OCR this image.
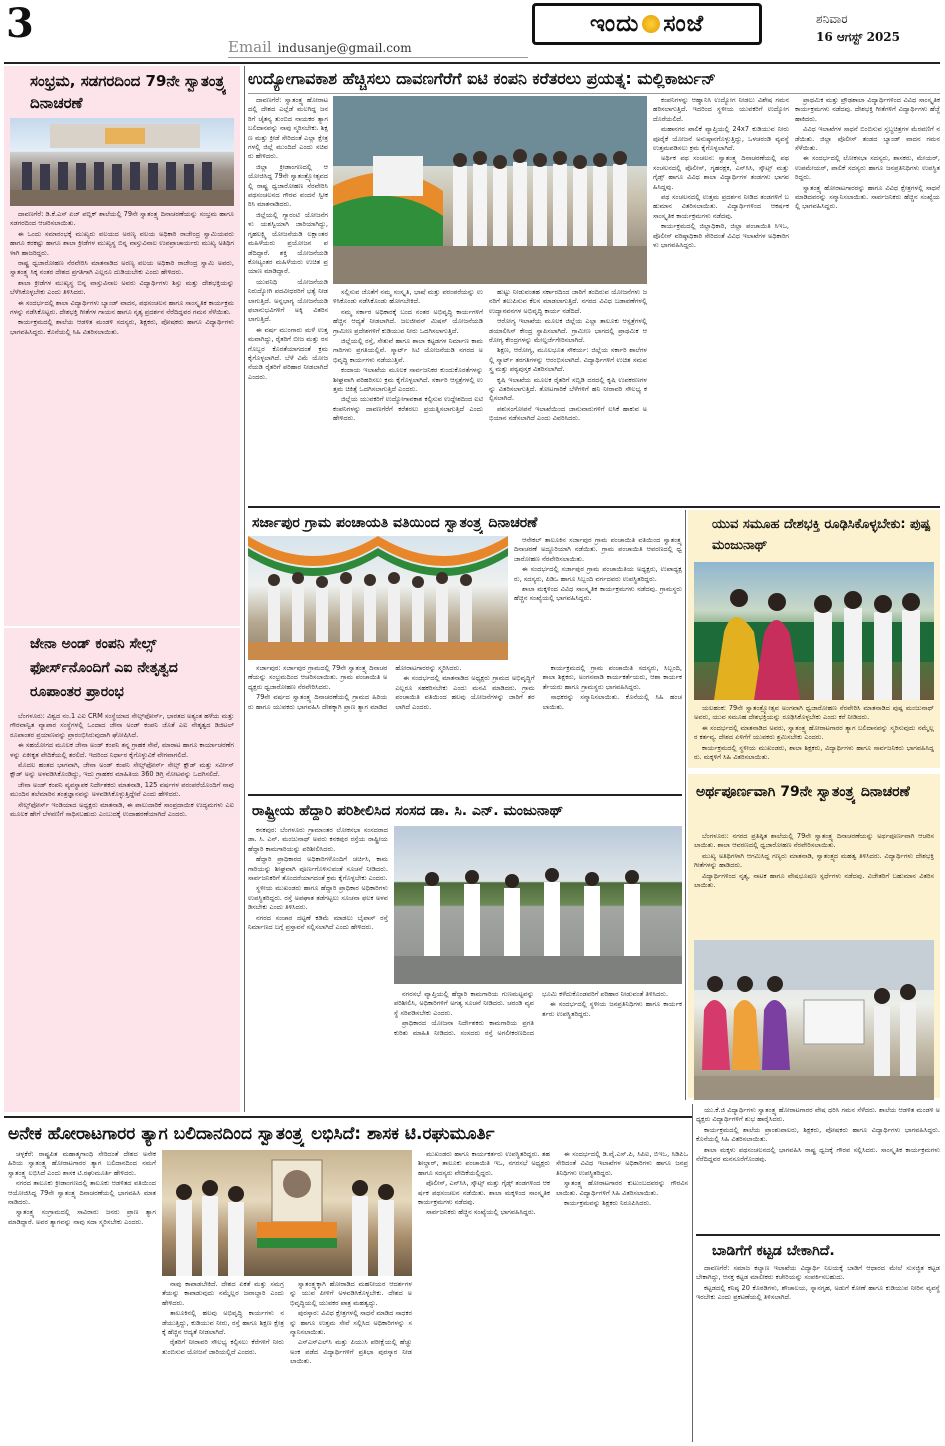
3	Email indusanje@gmail.com
ಇಂದು ಸಂಜೆ	ಶನಿವಾರ
16 ಆಗಸ್ಟ್ 2025
ಸಂಭ್ರಮ, ಸಡಗರದಿಂದ 79ನೇ ಸ್ವಾತಂತ್ರ್ಯ ದಿನಾಚರಣೆ

ದಾವಣಗೆರೆ: ಡಿ.ಕೆ.ಎಸ್ ಏಜ್ ಪಬ್ಲಿಕ್ ಶಾಲೆಯಲ್ಲಿ 79ನೇ ಸ್ವಾತಂತ್ರ್ಯ ದಿನಾಚರಣೆಯನ್ನು ಸಂಭ್ರಮ ಹಾಗೂ ಸಡಗರದಿಂದ ಆಚರಿಸಲಾಯಿತು.

ಈ ಒಂದು ಸಮಾರಂಭಕ್ಕೆ ಮುಖ್ಯರು ವಲಯದ ಅರಣ್ಯ ವಲಯ ಅಧಿಕಾರಿ ರಾಜೇಂದ್ರ ಸ್ವಾಮಿಯವರು ಹಾಗೂ ಕರಕಷ್ಟು ಹಾಗೂ ಶಾಲಾ ಕ್ರೀಡೆಗಳ ಮುಖ್ಯಸ್ಥ ಬಿನ್ನ ವಾಸ್ತುವಿನಾಲ ಉಪಪ್ರಾಚಾರ್ಯರು ಮುಖ್ಯ ಅತಿಥಿಗಳಾಗಿ ಹಾಜರಿದ್ದರು.

ರಾಷ್ಟ್ರ ಧ್ವಜಾರೋಹಣ ನೆರವೇರಿಸಿ ಮಾತನಾಡಿದ ಅರಣ್ಯ ವಲಯ ಅಧಿಕಾರಿ ರಾಜೇಂದ್ರ ಸ್ವಾಮಿ ಅವರು, ಸ್ವಾತಂತ್ರ್ಯ ಸಿಕ್ಕ ನಂತರ ದೇಶದ ಪ್ರಗತಿಗಾಗಿ ಎಲ್ಲರೂ ದುಡಿಯಬೇಕು ಎಂದು ಹೇಳಿದರು.

ಶಾಲಾ ಕ್ರೀಡೆಗಳ ಮುಖ್ಯಸ್ಥ ಬಿನ್ನ ವಾಸ್ತುವಿನಾಲ ಅವರು ವಿದ್ಯಾರ್ಥಿಗಳು ಶಿಸ್ತು ಮತ್ತು ದೇಶಭಕ್ತಿಯನ್ನು ಬೆಳೆಸಿಕೊಳ್ಳಬೇಕು ಎಂದು ತಿಳಿಸಿದರು.

ಈ ಸಂದರ್ಭದಲ್ಲಿ ಶಾಲಾ ವಿದ್ಯಾರ್ಥಿಗಳು ಬ್ಯಾಂಡ್ ವಾದನ, ಪಥಸಂಚಲನ ಹಾಗೂ ಸಾಂಸ್ಕೃತಿಕ ಕಾರ್ಯಕ್ರಮಗಳನ್ನು ನಡೆಸಿಕೊಟ್ಟರು. ದೇಶಭಕ್ತಿ ಗೀತೆಗಳ ಗಾಯನ ಹಾಗೂ ನೃತ್ಯ ಪ್ರದರ್ಶನ ನೆರೆದಿದ್ದವರ ಗಮನ ಸೆಳೆಯಿತು.

ಕಾರ್ಯಕ್ರಮದಲ್ಲಿ ಶಾಲೆಯ ಆಡಳಿತ ಮಂಡಳಿ ಸದಸ್ಯರು, ಶಿಕ್ಷಕರು, ಪೋಷಕರು ಹಾಗೂ ವಿದ್ಯಾರ್ಥಿಗಳು ಭಾಗವಹಿಸಿದ್ದರು. ಕೊನೆಯಲ್ಲಿ ಸಿಹಿ ವಿತರಿಸಲಾಯಿತು.

ಜೇನಾ ಅಂಡ್ ಕಂಪನಿ ಸೇಲ್ಸ್‌ ಫೋರ್ಸ್‌ನೊಂದಿಗೆ ಎಐ ನೇತೃತ್ವದ ರೂಪಾಂತರ ಪ್ರಾರಂಭ

ಬೆಂಗಳೂರು: ವಿಶ್ವದ ನಂ.1 ಎಐ CRM ಸಂಸ್ಥೆಯಾದ ಸೇಲ್ಸ್‌ಫೋರ್ಸ್, ಭಾರತದ ಅತ್ಯಂತ ಹಳೆಯ ಮತ್ತು ಗೌರವಾನ್ವಿತ ವ್ಯಾಪಾರ ಸಂಸ್ಥೆಗಳಲ್ಲಿ ಒಂದಾದ ಜೇನಾ ಅಂಡ್ ಕಂಪನಿ ಜೊತೆ ಎಐ ನೇತೃತ್ವದ ಡಿಜಿಟಲ್ ರೂಪಾಂತರ ಪ್ರಯಾಣವನ್ನು ಪ್ರಾರಂಭಿಸಿರುವುದಾಗಿ ಘೋಷಿಸಿದೆ.

ಈ ಸಹಯೋಗದ ಮೂಲಕ ಜೇನಾ ಅಂಡ್ ಕಂಪನಿ ತನ್ನ ಗ್ರಾಹಕ ಸೇವೆ, ಮಾರಾಟ ಹಾಗೂ ಕಾರ್ಯಾಚರಣೆಗಳನ್ನು ಏಕೀಕೃತ ವೇದಿಕೆಯಲ್ಲಿ ತರಲಿದೆ. ಇದರಿಂದ ನಿರ್ಧಾರ ಕೈಗೊಳ್ಳುವಿಕೆ ವೇಗವಾಗಲಿದೆ.

ಮೊದಲ ಹಂತದ ಭಾಗವಾಗಿ, ಜೇನಾ ಅಂಡ್ ಕಂಪನಿ ಸೇಲ್ಸ್‌ಫೋರ್ಸ್ ಸೇಲ್ಸ್ ಕ್ಲೌಡ್ ಮತ್ತು ಸರ್ವೀಸ್ ಕ್ಲೌಡ್ ಅನ್ನು ಅಳವಡಿಸಿಕೊಂಡಿದ್ದು, ಇದು ಗ್ರಾಹಕರ ಮಾಹಿತಿಯ 360 ಡಿಗ್ರಿ ನೋಟವನ್ನು ಒದಗಿಸಲಿದೆ.

ಜೇನಾ ಅಂಡ್ ಕಂಪನಿ ವ್ಯವಸ್ಥಾಪಕ ನಿರ್ದೇಶಕರು ಮಾತನಾಡಿ, 125 ವರ್ಷಗಳ ಪರಂಪರೆಯೊಂದಿಗೆ ನಾವು ಮುಂದಿನ ತಲೆಮಾರಿನ ತಂತ್ರಜ್ಞಾನವನ್ನು ಅಳವಡಿಸಿಕೊಳ್ಳುತ್ತಿದ್ದೇವೆ ಎಂದು ಹೇಳಿದರು.

ಸೇಲ್ಸ್‌ಫೋರ್ಸ್ ಇಂಡಿಯಾದ ಅಧ್ಯಕ್ಷರು ಮಾತನಾಡಿ, ಈ ಪಾಲುದಾರಿಕೆ ಸಾಂಪ್ರದಾಯಿಕ ಉದ್ಯಮಗಳು ಎಐ ಮೂಲಕ ಹೇಗೆ ಬೆಳವಣಿಗೆ ಸಾಧಿಸಬಹುದು ಎಂಬುದಕ್ಕೆ ಉದಾಹರಣೆಯಾಗಿದೆ ಎಂದರು.

ಉದ್ಯೋಗಾವಕಾಶ ಹೆಚ್ಚಿಸಲು ದಾವಣಗೆರೆಗೆ ಐಟಿ ಕಂಪನಿ ಕರೆತರಲು ಪ್ರಯತ್ನ: ಮಲ್ಲಿಕಾರ್ಜುನ್

ದಾವಣಗೆರೆ: ಸ್ವಾತಂತ್ರ್ಯ ಹೋರಾಟದಲ್ಲಿ ದೇಶದ ಎಲ್ಲೆಡೆ ಮಲಗಿದ್ದ ಜನರಿಗೆ ಚೈತನ್ಯ ತುಂಬಿದ ನಾಯಕರ ತ್ಯಾಗ ಬಲಿದಾನವನ್ನು ನಾವು ಸ್ಮರಿಸಬೇಕು. ಶಿಕ್ಷಣ ಮತ್ತು ಕ್ರೀಡೆ ಸೇರಿದಂತೆ ಎಲ್ಲಾ ಕ್ಷೇತ್ರಗಳಲ್ಲಿ ಜಿಲ್ಲೆ ಮುಂದಿದೆ ಎಂದು ಸಚಿವರು ಹೇಳಿದರು.

ಜಿಲ್ಲಾ ಕ್ರೀಡಾಂಗಣದಲ್ಲಿ ಆಯೋಜಿಸಿದ್ದ 79ನೇ ಸ್ವಾತಂತ್ರ್ಯೋತ್ಸವದಲ್ಲಿ ರಾಷ್ಟ್ರ ಧ್ವಜಾರೋಹಣ ನೆರವೇರಿಸಿ ಪಥಸಂಚಲನದ ಗೌರವ ವಂದನೆ ಸ್ವೀಕರಿಸಿ ಮಾತನಾಡಿದರು.

ಜಿಲ್ಲೆಯಲ್ಲಿ ಗ್ಯಾರಂಟಿ ಯೋಜನೆಗಳು ಯಶಸ್ವಿಯಾಗಿ ಜಾರಿಯಾಗಿದ್ದು, ಗೃಹಲಕ್ಷ್ಮಿ ಯೋಜನೆಯಡಿ ಲಕ್ಷಾಂತರ ಮಹಿಳೆಯರು ಪ್ರಯೋಜನ ಪಡೆದಿದ್ದಾರೆ. ಶಕ್ತಿ ಯೋಜನೆಯಡಿ ಕೋಟ್ಯಂತರ ಮಹಿಳೆಯರು ಉಚಿತ ಪ್ರಯಾಣ ಮಾಡಿದ್ದಾರೆ.

ಯುವನಿಧಿ ಯೋಜನೆಯಡಿ ನಿರುದ್ಯೋಗಿ ಪದವೀಧರರಿಗೆ ಭತ್ಯೆ ನೀಡಲಾಗುತ್ತಿದೆ. ಅನ್ನಭಾಗ್ಯ ಯೋಜನೆಯಡಿ ಫಲಾನುಭವಿಗಳಿಗೆ ಅಕ್ಕಿ ವಿತರಿಸಲಾಗುತ್ತಿದೆ.

ಈ ವರ್ಷ ಮುಂಗಾರು ಮಳೆ ಉತ್ತಮವಾಗಿದ್ದು, ರೈತರಿಗೆ ಬೀಜ ಮತ್ತು ರಸಗೊಬ್ಬರ ಕೊರತೆಯಾಗದಂತೆ ಕ್ರಮ ಕೈಗೊಳ್ಳಲಾಗಿದೆ. ಬೆಳೆ ವಿಮೆ ಯೋಜನೆಯಡಿ ರೈತರಿಗೆ ಪರಿಹಾರ ನೀಡಲಾಗಿದೆ ಎಂದರು.

ಸಲ್ಲಿಸುವ ಜೊತೆಗೆ ನಮ್ಮ ಸಂಸ್ಕೃತಿ, ಭಾಷೆ ಮತ್ತು ಪರಂಪರೆಯನ್ನು ಉಳಿಸಿಕೊಂಡು ನಡೆಸಿಕೊಂಡು ಹೋಗಬೇಕಿದೆ.

ನಮ್ಮ ಸರ್ಕಾರ ಅಧಿಕಾರಕ್ಕೆ ಬಂದ ನಂತರ ಅಭಿವೃದ್ಧಿ ಕಾರ್ಯಗಳಿಗೆ ಹೆಚ್ಚಿನ ಆದ್ಯತೆ ನೀಡಲಾಗಿದೆ. ಜಲಜೀವನ್ ಮಿಷನ್ ಯೋಜನೆಯಡಿ ಗ್ರಾಮೀಣ ಪ್ರದೇಶಗಳಿಗೆ ಕುಡಿಯುವ ನೀರು ಒದಗಿಸಲಾಗುತ್ತಿದೆ.

ಜಿಲ್ಲೆಯಲ್ಲಿ ರಸ್ತೆ, ಸೇತುವೆ ಹಾಗೂ ಶಾಲಾ ಕಟ್ಟಡಗಳ ನಿರ್ಮಾಣ ಕಾಮಗಾರಿಗಳು ಪ್ರಗತಿಯಲ್ಲಿವೆ. ಸ್ಮಾರ್ಟ್ ಸಿಟಿ ಯೋಜನೆಯಡಿ ನಗರದ ಅಭಿವೃದ್ಧಿ ಕಾರ್ಯಗಳು ನಡೆಯುತ್ತಿವೆ.

ಕಂದಾಯ ಇಲಾಖೆಯ ಮೂಲಕ ಸಾರ್ವಜನಿಕರ ಕುಂದುಕೊರತೆಗಳನ್ನು ಶೀಘ್ರವಾಗಿ ಪರಿಹರಿಸಲು ಕ್ರಮ ಕೈಗೊಳ್ಳಲಾಗಿದೆ. ಸರ್ಕಾರಿ ಆಸ್ಪತ್ರೆಗಳಲ್ಲಿ ಉತ್ತಮ ಚಿಕಿತ್ಸೆ ಒದಗಿಸಲಾಗುತ್ತಿದೆ ಎಂದರು.

ಜಿಲ್ಲೆಯ ಯುವಕರಿಗೆ ಉದ್ಯೋಗಾವಕಾಶ ಕಲ್ಪಿಸುವ ಉದ್ದೇಶದಿಂದ ಐಟಿ ಕಂಪನಿಗಳನ್ನು ದಾವಣಗೆರೆಗೆ ಕರೆತರಲು ಪ್ರಯತ್ನಿಸಲಾಗುತ್ತಿದೆ ಎಂದು ಹೇಳಿದರು.

ಹುಟ್ಟು ನೀಡುವಂತಹ ಸರ್ಕಾರದಿಂದ ಜಾರಿಗೆ ತಂದಿರುವ ಯೋಜನೆಗಳು ಜನರಿಗೆ ತಲುಪಿಸುವ ಕೆಲಸ ಮಾಡಲಾಗುತ್ತಿದೆ. ನಗರದ ವಿವಿಧ ಬಡಾವಣೆಗಳಲ್ಲಿ ಉದ್ಯಾನವನಗಳ ಅಭಿವೃದ್ಧಿ ಕಾರ್ಯ ನಡೆದಿದೆ.

ಆರೋಗ್ಯ ಇಲಾಖೆಯ ಮೂಲಕ ಜಿಲ್ಲೆಯ ಎಲ್ಲಾ ತಾಲೂಕು ಆಸ್ಪತ್ರೆಗಳಲ್ಲಿ ಡಯಾಲಿಸಿಸ್ ಕೇಂದ್ರ ಸ್ಥಾಪಿಸಲಾಗಿದೆ. ಗ್ರಾಮೀಣ ಭಾಗದಲ್ಲಿ ಪ್ರಾಥಮಿಕ ಆರೋಗ್ಯ ಕೇಂದ್ರಗಳನ್ನು ಮೇಲ್ದರ್ಜೆಗೇರಿಸಲಾಗಿದೆ.

ಶಿಕ್ಷಣ, ಆರೋಗ್ಯ, ಮೂಲಭೂತ ಸೌಕರ್ಯ: ಜಿಲ್ಲೆಯ ಸರ್ಕಾರಿ ಶಾಲೆಗಳಲ್ಲಿ ಸ್ಮಾರ್ಟ್ ತರಗತಿಗಳನ್ನು ಆರಂಭಿಸಲಾಗಿದೆ. ವಿದ್ಯಾರ್ಥಿಗಳಿಗೆ ಉಚಿತ ಸಮವಸ್ತ್ರ ಮತ್ತು ಪಠ್ಯಪುಸ್ತಕ ವಿತರಿಸಲಾಗಿದೆ.

ಕೃಷಿ ಇಲಾಖೆಯ ಮೂಲಕ ರೈತರಿಗೆ ಸಬ್ಸಿಡಿ ದರದಲ್ಲಿ ಕೃಷಿ ಉಪಕರಣಗಳನ್ನು ವಿತರಿಸಲಾಗುತ್ತಿದೆ. ತೋಟಗಾರಿಕೆ ಬೆಳೆಗಳಿಗೆ ಹನಿ ನೀರಾವರಿ ಸೌಲಭ್ಯ ಕಲ್ಪಿಸಲಾಗಿದೆ.

ಪಶುಸಂಗೋಪನೆ ಇಲಾಖೆಯಿಂದ ಜಾನುವಾರುಗಳಿಗೆ ಲಸಿಕೆ ಹಾಕುವ ಅಭಿಯಾನ ನಡೆಸಲಾಗಿದೆ ಎಂದು ವಿವರಿಸಿದರು.

ಕಂಪನಿಗಳನ್ನು ಆಹ್ವಾನಿಸಿ ಉದ್ಯೋಗ ನೀಡಲು ವಿಶೇಷ ಗಮನ ಹರಿಸಲಾಗುತ್ತಿದೆ. ಇದರಿಂದ ಸ್ಥಳೀಯ ಯುವಕರಿಗೆ ಉದ್ಯೋಗ ದೊರೆಯಲಿದೆ.

ಮಹಾನಗರ ಪಾಲಿಕೆ ವ್ಯಾಪ್ತಿಯಲ್ಲಿ 24x7 ಕುಡಿಯುವ ನೀರು ಪೂರೈಕೆ ಯೋಜನೆ ಅನುಷ್ಠಾನಗೊಳ್ಳುತ್ತಿದ್ದು, ಒಳಚರಂಡಿ ವ್ಯವಸ್ಥೆ ಉತ್ತಮಪಡಿಸಲು ಕ್ರಮ ಕೈಗೊಳ್ಳಲಾಗಿದೆ.

ಅರ್ಥಿಕ ಪಥ ಸಂಚಲನ: ಸ್ವಾತಂತ್ರ್ಯ ದಿನಾಚರಣೆಯಲ್ಲಿ ಪಥ ಸಂಚಲನದಲ್ಲಿ ಪೊಲೀಸ್, ಗೃಹರಕ್ಷಕ, ಎನ್‌ಸಿಸಿ, ಸ್ಕೌಟ್ಸ್ ಮತ್ತು ಗೈಡ್ಸ್ ಹಾಗೂ ವಿವಿಧ ಶಾಲಾ ವಿದ್ಯಾರ್ಥಿಗಳ ತಂಡಗಳು ಭಾಗವಹಿಸಿದ್ದವು.

ಪಥ ಸಂಚಲನದಲ್ಲಿ ಉತ್ತಮ ಪ್ರದರ್ಶನ ನೀಡಿದ ತಂಡಗಳಿಗೆ ಬಹುಮಾನ ವಿತರಿಸಲಾಯಿತು. ವಿದ್ಯಾರ್ಥಿಗಳಿಂದ ಆಕರ್ಷಕ ಸಾಂಸ್ಕೃತಿಕ ಕಾರ್ಯಕ್ರಮಗಳು ನಡೆದವು.

ಕಾರ್ಯಕ್ರಮದಲ್ಲಿ ಜಿಲ್ಲಾಧಿಕಾರಿ, ಜಿಲ್ಲಾ ಪಂಚಾಯಿತಿ ಸಿಇಒ, ಪೊಲೀಸ್ ವರಿಷ್ಠಾಧಿಕಾರಿ ಸೇರಿದಂತೆ ವಿವಿಧ ಇಲಾಖೆಗಳ ಅಧಿಕಾರಿಗಳು ಭಾಗವಹಿಸಿದ್ದರು.

ಪ್ರಾಥಮಿಕ ಮತ್ತು ಪ್ರೌಢಶಾಲಾ ವಿದ್ಯಾರ್ಥಿಗಳಿಂದ ವಿವಿಧ ಸಾಂಸ್ಕೃತಿಕ ಕಾರ್ಯಕ್ರಮಗಳು ನಡೆದವು. ದೇಶಭಕ್ತಿ ಗೀತೆಗಳಿಗೆ ವಿದ್ಯಾರ್ಥಿಗಳು ಹೆಜ್ಜೆ ಹಾಕಿದರು.

ವಿವಿಧ ಇಲಾಖೆಗಳ ಸಾಧನೆ ಬಿಂಬಿಸುವ ಸ್ತಬ್ಧಚಿತ್ರಗಳ ಮೆರವಣಿಗೆ ನಡೆಯಿತು. ಜಿಲ್ಲಾ ಪೊಲೀಸ್ ತಂಡದ ಬ್ಯಾಂಡ್ ವಾದನ ಗಮನ ಸೆಳೆಯಿತು.

ಈ ಸಂದರ್ಭದಲ್ಲಿ ಲೋಕಸಭಾ ಸದಸ್ಯರು, ಶಾಸಕರು, ಮೇಯರ್, ಉಪಮೇಯರ್, ಪಾಲಿಕೆ ಸದಸ್ಯರು ಹಾಗೂ ಜನಪ್ರತಿನಿಧಿಗಳು ಉಪಸ್ಥಿತರಿದ್ದರು.

ಸ್ವಾತಂತ್ರ್ಯ ಹೋರಾಟಗಾರರನ್ನು ಹಾಗೂ ವಿವಿಧ ಕ್ಷೇತ್ರಗಳಲ್ಲಿ ಸಾಧನೆ ಮಾಡಿದವರನ್ನು ಸನ್ಮಾನಿಸಲಾಯಿತು. ಸಾರ್ವಜನಿಕರು ಹೆಚ್ಚಿನ ಸಂಖ್ಯೆಯಲ್ಲಿ ಭಾಗವಹಿಸಿದ್ದರು.

ಸರ್ಜಾಪುರ ಗ್ರಾಮ ಪಂಚಾಯತಿ ವತಿಯಿಂದ ಸ್ವಾತಂತ್ರ್ಯ ದಿನಾಚರಣೆ

ಆನೇಕಲ್ ತಾಲೂಕಿನ ಸರ್ಜಾಪುರ ಗ್ರಾಮ ಪಂಚಾಯಿತಿ ವತಿಯಿಂದ ಸ್ವಾತಂತ್ರ್ಯ ದಿನಾಚರಣೆ ಅದ್ದೂರಿಯಾಗಿ ನಡೆಯಿತು. ಗ್ರಾಮ ಪಂಚಾಯಿತಿ ಆವರಣದಲ್ಲಿ ಧ್ವಜಾರೋಹಣ ನೆರವೇರಿಸಲಾಯಿತು.

ಈ ಸಂದರ್ಭದಲ್ಲಿ ಸರ್ಜಾಪುರ ಗ್ರಾಮ ಪಂಚಾಯಿತಿಯ ಅಧ್ಯಕ್ಷರು, ಉಪಾಧ್ಯಕ್ಷರು, ಸದಸ್ಯರು, ಪಿಡಿಒ ಹಾಗೂ ಸಿಬ್ಬಂದಿ ವರ್ಗದವರು ಉಪಸ್ಥಿತರಿದ್ದರು.

ಶಾಲಾ ಮಕ್ಕಳಿಂದ ವಿವಿಧ ಸಾಂಸ್ಕೃತಿಕ ಕಾರ್ಯಕ್ರಮಗಳು ನಡೆದವು. ಗ್ರಾಮಸ್ಥರು ಹೆಚ್ಚಿನ ಸಂಖ್ಯೆಯಲ್ಲಿ ಭಾಗವಹಿಸಿದ್ದರು.

ಸರ್ಜಾಪುರ: ಸರ್ಜಾಪುರ ಗ್ರಾಮದಲ್ಲಿ 79ನೇ ಸ್ವಾತಂತ್ರ್ಯ ದಿನಾಚರಣೆಯನ್ನು ಸಂಭ್ರಮದಿಂದ ಆಚರಿಸಲಾಯಿತು. ಗ್ರಾಮ ಪಂಚಾಯಿತಿ ಅಧ್ಯಕ್ಷರು ಧ್ವಜಾರೋಹಣ ನೆರವೇರಿಸಿದರು.

79ನೇ ವರ್ಷದ ಸ್ವಾತಂತ್ರ್ಯ ದಿನಾಚರಣೆಯಲ್ಲಿ ಗ್ರಾಮದ ಹಿರಿಯರು ಹಾಗೂ ಯುವಕರು ಭಾಗವಹಿಸಿ ದೇಶಕ್ಕಾಗಿ ಪ್ರಾಣ ತ್ಯಾಗ ಮಾಡಿದ ಹೋರಾಟಗಾರರನ್ನು ಸ್ಮರಿಸಿದರು.

ಈ ಸಂದರ್ಭದಲ್ಲಿ ಮಾತನಾಡಿದ ಅಧ್ಯಕ್ಷರು ಗ್ರಾಮದ ಅಭಿವೃದ್ಧಿಗೆ ಎಲ್ಲರೂ ಸಹಕರಿಸಬೇಕು ಎಂದು ಮನವಿ ಮಾಡಿದರು. ಗ್ರಾಮ ಪಂಚಾಯಿತಿ ವತಿಯಿಂದ ಹಲವು ಯೋಜನೆಗಳನ್ನು ಜಾರಿಗೆ ತರಲಾಗಿದೆ ಎಂದರು.

ಕಾರ್ಯಕ್ರಮದಲ್ಲಿ ಗ್ರಾಮ ಪಂಚಾಯಿತಿ ಸದಸ್ಯರು, ಸಿಬ್ಬಂದಿ, ಶಾಲಾ ಶಿಕ್ಷಕರು, ಅಂಗನವಾಡಿ ಕಾರ್ಯಕರ್ತೆಯರು, ಆಶಾ ಕಾರ್ಯಕರ್ತೆಯರು ಹಾಗೂ ಗ್ರಾಮಸ್ಥರು ಭಾಗವಹಿಸಿದ್ದರು.

ಸಾಧಕರನ್ನು ಸನ್ಮಾನಿಸಲಾಯಿತು. ಕೊನೆಯಲ್ಲಿ ಸಿಹಿ ಹಂಚಲಾಯಿತು.

ರಾಷ್ಟ್ರೀಯ ಹೆದ್ದಾರಿ ಪರಿಶೀಲಿಸಿದ ಸಂಸದ ಡಾ. ಸಿ. ಎನ್. ಮಂಜುನಾಥ್

ಕನಕಪುರ: ಬೆಂಗಳೂರು ಗ್ರಾಮಾಂತರ ಲೋಕಸಭಾ ಸಂಸದರಾದ ಡಾ. ಸಿ. ಎನ್. ಮಂಜುನಾಥ್ ಅವರು ಕನಕಪುರ ರಸ್ತೆಯ ರಾಷ್ಟ್ರೀಯ ಹೆದ್ದಾರಿ ಕಾಮಗಾರಿಯನ್ನು ಪರಿಶೀಲಿಸಿದರು.

ಹೆದ್ದಾರಿ ಪ್ರಾಧಿಕಾರದ ಅಧಿಕಾರಿಗಳೊಂದಿಗೆ ಚರ್ಚಿಸಿ, ಕಾಮಗಾರಿಯನ್ನು ಶೀಘ್ರವಾಗಿ ಪೂರ್ಣಗೊಳಿಸುವಂತೆ ಸೂಚನೆ ನೀಡಿದರು. ಸಾರ್ವಜನಿಕರಿಗೆ ತೊಂದರೆಯಾಗದಂತೆ ಕ್ರಮ ಕೈಗೊಳ್ಳಬೇಕು ಎಂದರು.

ಸ್ಥಳೀಯ ಮುಖಂಡರು ಹಾಗೂ ಹೆದ್ದಾರಿ ಪ್ರಾಧಿಕಾರ ಅಧಿಕಾರಿಗಳು ಉಪಸ್ಥಿತರಿದ್ದರು. ರಸ್ತೆ ಅಪಘಾತ ತಡೆಗಟ್ಟಲು ಸೂಚನಾ ಫಲಕ ಅಳವಡಿಸಬೇಕು ಎಂದು ತಿಳಿಸಿದರು.

ನಗರದ ಸಂಚಾರ ದಟ್ಟಣೆ ಕಡಿಮೆ ಮಾಡಲು ಬೈಪಾಸ್ ರಸ್ತೆ ನಿರ್ಮಾಣದ ಬಗ್ಗೆ ಪ್ರಸ್ತಾವನೆ ಸಲ್ಲಿಸಲಾಗಿದೆ ಎಂದು ಹೇಳಿದರು.

ನಗರಸಭೆ ವ್ಯಾಪ್ತಿಯಲ್ಲಿ ಹೆದ್ದಾರಿ ಕಾಮಗಾರಿಯ ಗುಣಮಟ್ಟವನ್ನು ಪರಿಶೀಲಿಸಿ, ಅಧಿಕಾರಿಗಳಿಗೆ ಅಗತ್ಯ ಸೂಚನೆ ನೀಡಿದರು. ಚರಂಡಿ ವ್ಯವಸ್ಥೆ ಸರಿಪಡಿಸಬೇಕು ಎಂದರು.

ಪ್ರಾಧಿಕಾರದ ಯೋಜನಾ ನಿರ್ದೇಶಕರು ಕಾಮಗಾರಿಯ ಪ್ರಗತಿ ಕುರಿತು ಮಾಹಿತಿ ನೀಡಿದರು. ಸಂಸದರು ರಸ್ತೆ ಅಗಲೀಕರಣದಿಂದ ಭೂಮಿ ಕಳೆದುಕೊಂಡವರಿಗೆ ಪರಿಹಾರ ನೀಡುವಂತೆ ತಿಳಿಸಿದರು.

ಈ ಸಂದರ್ಭದಲ್ಲಿ ಸ್ಥಳೀಯ ಜನಪ್ರತಿನಿಧಿಗಳು ಹಾಗೂ ಕಾರ್ಯಕರ್ತರು ಉಪಸ್ಥಿತರಿದ್ದರು.

ಯುವ ಸಮೂಹ ದೇಶಭಕ್ತಿ ರೂಢಿಸಿಕೊಳ್ಳಬೇಕು: ಪುಷ್ಪ ಮಂಜುನಾಥ್

ಯಲಹಂಕ: 79ನೇ ಸ್ವಾತಂತ್ರ್ಯೋತ್ಸವ ಅಂಗವಾಗಿ ಧ್ವಜಾರೋಹಣ ನೆರವೇರಿಸಿ ಮಾತನಾಡಿದ ಪುಷ್ಪ ಮಂಜುನಾಥ್ ಅವರು, ಯುವ ಸಮೂಹ ದೇಶಭಕ್ತಿಯನ್ನು ರೂಢಿಸಿಕೊಳ್ಳಬೇಕು ಎಂದು ಕರೆ ನೀಡಿದರು.

ಈ ಸಂದರ್ಭದಲ್ಲಿ ಮಾತನಾಡಿದ ಅವರು, ಸ್ವಾತಂತ್ರ್ಯ ಹೋರಾಟಗಾರರ ತ್ಯಾಗ ಬಲಿದಾನವನ್ನು ಸ್ಮರಿಸುವುದು ನಮ್ಮೆಲ್ಲರ ಕರ್ತವ್ಯ. ದೇಶದ ಏಳಿಗೆಗೆ ಯುವಕರು ಶ್ರಮಿಸಬೇಕು ಎಂದರು.

ಕಾರ್ಯಕ್ರಮದಲ್ಲಿ ಸ್ಥಳೀಯ ಮುಖಂಡರು, ಶಾಲಾ ಶಿಕ್ಷಕರು, ವಿದ್ಯಾರ್ಥಿಗಳು ಹಾಗೂ ಸಾರ್ವಜನಿಕರು ಭಾಗವಹಿಸಿದ್ದರು. ಮಕ್ಕಳಿಗೆ ಸಿಹಿ ವಿತರಿಸಲಾಯಿತು.

ಅರ್ಥಪೂರ್ಣವಾಗಿ 79ನೇ ಸ್ವಾತಂತ್ರ್ಯ ದಿನಾಚರಣೆ

ಬೆಂಗಳೂರು: ನಗರದ ಪ್ರತಿಷ್ಠಿತ ಶಾಲೆಯಲ್ಲಿ 79ನೇ ಸ್ವಾತಂತ್ರ್ಯ ದಿನಾಚರಣೆಯನ್ನು ಅರ್ಥಪೂರ್ಣವಾಗಿ ಆಚರಿಸಲಾಯಿತು. ಶಾಲಾ ಆವರಣದಲ್ಲಿ ಧ್ವಜಾರೋಹಣ ನೆರವೇರಿಸಲಾಯಿತು.

ಮುಖ್ಯ ಅತಿಥಿಗಳಾಗಿ ಆಗಮಿಸಿದ್ದ ಗಣ್ಯರು ಮಾತನಾಡಿ, ಸ್ವಾತಂತ್ರ್ಯದ ಮಹತ್ವ ತಿಳಿಸಿದರು. ವಿದ್ಯಾರ್ಥಿಗಳು ದೇಶಭಕ್ತಿ ಗೀತೆಗಳನ್ನು ಹಾಡಿದರು.

ವಿದ್ಯಾರ್ಥಿಗಳಿಂದ ನೃತ್ಯ, ನಾಟಕ ಹಾಗೂ ವೇಷಭೂಷಣ ಸ್ಪರ್ಧೆಗಳು ನಡೆದವು. ವಿಜೇತರಿಗೆ ಬಹುಮಾನ ವಿತರಿಸಲಾಯಿತು.

ಅನೇಕ ಹೋರಾಟಗಾರರ ತ್ಯಾಗ ಬಲಿದಾನದಿಂದ ಸ್ವಾತಂತ್ರ್ಯ ಲಭಿಸಿದೆ: ಶಾಸಕ ಟಿ.ರಘುಮೂರ್ತಿ

ಚಳ್ಳಕೆರೆ: ರಾಷ್ಟ್ರಪಿತ ಮಹಾತ್ಮಗಾಂಧಿ ಸೇರಿದಂತೆ ದೇಶದ ಅನೇಕ ಹಿರಿಯ ಸ್ವಾತಂತ್ರ್ಯ ಹೋರಾಟಗಾರರ ತ್ಯಾಗ ಬಲಿದಾನದಿಂದ ನಮಗೆ ಸ್ವಾತಂತ್ರ್ಯ ಲಭಿಸಿದೆ ಎಂದು ಶಾಸಕ ಟಿ.ರಘುಮೂರ್ತಿ ಹೇಳಿದರು.

ನಗರದ ತಾಲೂಕು ಕ್ರೀಡಾಂಗಣದಲ್ಲಿ ತಾಲೂಕು ಆಡಳಿತದ ವತಿಯಿಂದ ಆಯೋಜಿಸಿದ್ದ 79ನೇ ಸ್ವಾತಂತ್ರ್ಯ ದಿನಾಚರಣೆಯಲ್ಲಿ ಭಾಗವಹಿಸಿ ಮಾತನಾಡಿದರು.

ಸ್ವಾತಂತ್ರ್ಯ ಸಂಗ್ರಾಮದಲ್ಲಿ ಸಾವಿರಾರು ಜನರು ಪ್ರಾಣ ತ್ಯಾಗ ಮಾಡಿದ್ದಾರೆ. ಅವರ ತ್ಯಾಗವನ್ನು ನಾವು ಸದಾ ಸ್ಮರಿಸಬೇಕು ಎಂದರು.

ನಾವು ಕಾಪಾಡಬೇಕಿದೆ. ದೇಶದ ಏಕತೆ ಮತ್ತು ಸಮಗ್ರತೆಯನ್ನು ಕಾಪಾಡುವುದು ನಮ್ಮೆಲ್ಲರ ಜವಾಬ್ದಾರಿ ಎಂದು ಹೇಳಿದರು.

ತಾಲೂಕಿನಲ್ಲಿ ಹಲವು ಅಭಿವೃದ್ಧಿ ಕಾರ್ಯಗಳು ನಡೆಯುತ್ತಿದ್ದು, ಕುಡಿಯುವ ನೀರು, ರಸ್ತೆ ಹಾಗೂ ಶಿಕ್ಷಣ ಕ್ಷೇತ್ರಕ್ಕೆ ಹೆಚ್ಚಿನ ಆದ್ಯತೆ ನೀಡಲಾಗಿದೆ.

ರೈತರಿಗೆ ನೀರಾವರಿ ಸೌಲಭ್ಯ ಕಲ್ಪಿಸಲು ಕೆರೆಗಳಿಗೆ ನೀರು ತುಂಬಿಸುವ ಯೋಜನೆ ಜಾರಿಯಲ್ಲಿದೆ ಎಂದರು.

ಸ್ವಾತಂತ್ರ್ಯಕ್ಕಾಗಿ ಹೋರಾಡಿದ ಮಹನೀಯರ ಆದರ್ಶಗಳನ್ನು ಯುವ ಪೀಳಿಗೆ ಅಳವಡಿಸಿಕೊಳ್ಳಬೇಕು. ದೇಶದ ಅಭಿವೃದ್ಧಿಯಲ್ಲಿ ಯುವಕರ ಪಾತ್ರ ಮಹತ್ವದ್ದು.

ಪುರಸ್ಕಾರ: ವಿವಿಧ ಕ್ಷೇತ್ರಗಳಲ್ಲಿ ಸಾಧನೆ ಮಾಡಿದ ಸಾಧಕರನ್ನು ಹಾಗೂ ಉತ್ತಮ ಸೇವೆ ಸಲ್ಲಿಸಿದ ಅಧಿಕಾರಿಗಳನ್ನು ಸನ್ಮಾನಿಸಲಾಯಿತು.

ಎಸ್‌ಎಸ್‌ಎಲ್‌ಸಿ ಮತ್ತು ಪಿಯುಸಿ ಪರೀಕ್ಷೆಯಲ್ಲಿ ಹೆಚ್ಚು ಅಂಕ ಪಡೆದ ವಿದ್ಯಾರ್ಥಿಗಳಿಗೆ ಪ್ರತಿಭಾ ಪುರಸ್ಕಾರ ನೀಡಲಾಯಿತು.

ಮುಖಂಡರು ಹಾಗೂ ಕಾರ್ಯಕರ್ತರು ಉಪಸ್ಥಿತರಿದ್ದರು. ತಹಶೀಲ್ದಾರ್, ತಾಲೂಕು ಪಂಚಾಯಿತಿ ಇಒ, ನಗರಸಭೆ ಅಧ್ಯಕ್ಷರು ಹಾಗೂ ಸದಸ್ಯರು ವೇದಿಕೆಯಲ್ಲಿದ್ದರು.

ಪೊಲೀಸ್, ಎನ್‌ಸಿಸಿ, ಸ್ಕೌಟ್ಸ್ ಮತ್ತು ಗೈಡ್ಸ್ ತಂಡಗಳಿಂದ ಆಕರ್ಷಕ ಪಥಸಂಚಲನ ನಡೆಯಿತು. ಶಾಲಾ ಮಕ್ಕಳಿಂದ ಸಾಂಸ್ಕೃತಿಕ ಕಾರ್ಯಕ್ರಮಗಳು ನಡೆದವು.

ಸಾರ್ವಜನಿಕರು ಹೆಚ್ಚಿನ ಸಂಖ್ಯೆಯಲ್ಲಿ ಭಾಗವಹಿಸಿದ್ದರು.

ಈ ಸಂದರ್ಭದಲ್ಲಿ ಡಿ.ವೈ.ಎಸ್.ಪಿ, ಸಿಪಿಐ, ಬಿಇಒ, ಸಿಡಿಪಿಒ ಸೇರಿದಂತೆ ವಿವಿಧ ಇಲಾಖೆಗಳ ಅಧಿಕಾರಿಗಳು ಹಾಗೂ ಜನಪ್ರತಿನಿಧಿಗಳು ಉಪಸ್ಥಿತರಿದ್ದರು.

ಸ್ವಾತಂತ್ರ್ಯ ಹೋರಾಟಗಾರರ ಕುಟುಂಬದವರನ್ನು ಗೌರವಿಸಲಾಯಿತು. ವಿದ್ಯಾರ್ಥಿಗಳಿಗೆ ಸಿಹಿ ವಿತರಿಸಲಾಯಿತು.

ಕಾರ್ಯಕ್ರಮವನ್ನು ಶಿಕ್ಷಕರು ನಿರೂಪಿಸಿದರು.

ಯು.ಕೆ.ಜಿ ವಿದ್ಯಾರ್ಥಿಗಳು ಸ್ವಾತಂತ್ರ್ಯ ಹೋರಾಟಗಾರರ ವೇಷ ಧರಿಸಿ ಗಮನ ಸೆಳೆದರು. ಶಾಲೆಯ ಆಡಳಿತ ಮಂಡಳಿ ಅಧ್ಯಕ್ಷರು ವಿದ್ಯಾರ್ಥಿಗಳಿಗೆ ಶುಭ ಹಾರೈಸಿದರು.

ಕಾರ್ಯಕ್ರಮದಲ್ಲಿ ಶಾಲೆಯ ಪ್ರಾಂಶುಪಾಲರು, ಶಿಕ್ಷಕರು, ಪೋಷಕರು ಹಾಗೂ ವಿದ್ಯಾರ್ಥಿಗಳು ಭಾಗವಹಿಸಿದ್ದರು. ಕೊನೆಯಲ್ಲಿ ಸಿಹಿ ವಿತರಿಸಲಾಯಿತು.

ಶಾಲಾ ಮಕ್ಕಳು ಪಥಸಂಚಲನದಲ್ಲಿ ಭಾಗವಹಿಸಿ ರಾಷ್ಟ್ರ ಧ್ವಜಕ್ಕೆ ಗೌರವ ಸಲ್ಲಿಸಿದರು. ಸಾಂಸ್ಕೃತಿಕ ಕಾರ್ಯಕ್ರಮಗಳು ನೆರೆದಿದ್ದವರ ಮನಸೂರೆಗೊಂಡವು.

ಬಾಡಿಗೆಗೆ ಕಟ್ಟಡ ಬೇಕಾಗಿದೆ.

ದಾವಣಗೆರೆ: ಸಮಾಜ ಕಲ್ಯಾಣ ಇಲಾಖೆಯ ವಿದ್ಯಾರ್ಥಿ ನಿಲಯಕ್ಕೆ ಬಾಡಿಗೆ ಆಧಾರದ ಮೇಲೆ ಸುಸಜ್ಜಿತ ಕಟ್ಟಡ ಬೇಕಾಗಿದ್ದು, ಆಸಕ್ತ ಕಟ್ಟಡ ಮಾಲೀಕರು ಕಚೇರಿಯನ್ನು ಸಂಪರ್ಕಿಸಬಹುದು.

ಕಟ್ಟಡದಲ್ಲಿ ಕನಿಷ್ಠ 20 ಕೊಠಡಿಗಳು, ಶೌಚಾಲಯ, ಸ್ನಾನಗೃಹ, ಅಡುಗೆ ಕೋಣೆ ಹಾಗೂ ಕುಡಿಯುವ ನೀರಿನ ವ್ಯವಸ್ಥೆ ಇರಬೇಕು ಎಂದು ಪ್ರಕಟಣೆಯಲ್ಲಿ ತಿಳಿಸಲಾಗಿದೆ.
